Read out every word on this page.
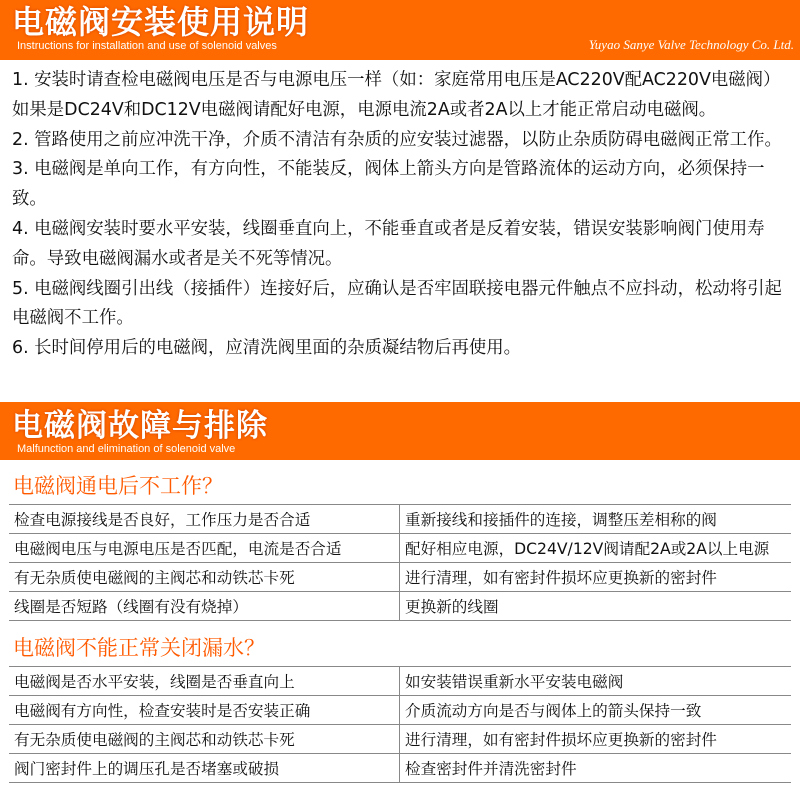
电磁阀安装使用说明
Instructions for installation and use of solenoid valves	Yuyao Sanye Valve Technology Co. Ltd.

1. 安装时请查检电磁阀电压是否与电源电压一样（如：家庭常用电压是AC220V配AC220V电磁阀）如果是DC24V和DC12V电磁阀请配好电源，电源电流2A或者2A以上才能正常启动电磁阀。

2. 管路使用之前应冲洗干净，介质不清洁有杂质的应安装过滤器，以防止杂质防碍电磁阀正常工作。

3. 电磁阀是单向工作，有方向性，不能装反，阀体上箭头方向是管路流体的运动方向，必须保持一致。

4. 电磁阀安装时要水平安装，线圈垂直向上，不能垂直或者是反着安装，错误安装影响阀门使用寿命。导致电磁阀漏水或者是关不死等情况。

5. 电磁阀线圈引出线（接插件）连接好后，应确认是否牢固联接电器元件触点不应抖动，松动将引起电磁阀不工作。

6. 长时间停用后的电磁阀，应清洗阀里面的杂质凝结物后再使用。

电磁阀故障与排除
Malfunction and elimination of solenoid valve
电磁阀通电后不工作？
检查电源接线是否良好，工作压力是否合适	重新接线和接插件的连接，调整压差相称的阀
电磁阀电压与电源电压是否匹配，电流是否合适	配好相应电源，DC24V/12V阀请配2A或2A以上电源
有无杂质使电磁阀的主阀芯和动铁芯卡死	进行清理，如有密封件损坏应更换新的密封件
线圈是否短路（线圈有没有烧掉）	更换新的线圈
电磁阀不能正常关闭漏水？
电磁阀是否水平安装，线圈是否垂直向上	如安装错误重新水平安装电磁阀
电磁阀有方向性，检查安装时是否安装正确	介质流动方向是否与阀体上的箭头保持一致
有无杂质使电磁阀的主阀芯和动铁芯卡死	进行清理，如有密封件损坏应更换新的密封件
阀门密封件上的调压孔是否堵塞或破损	检查密封件并清洗密封件
